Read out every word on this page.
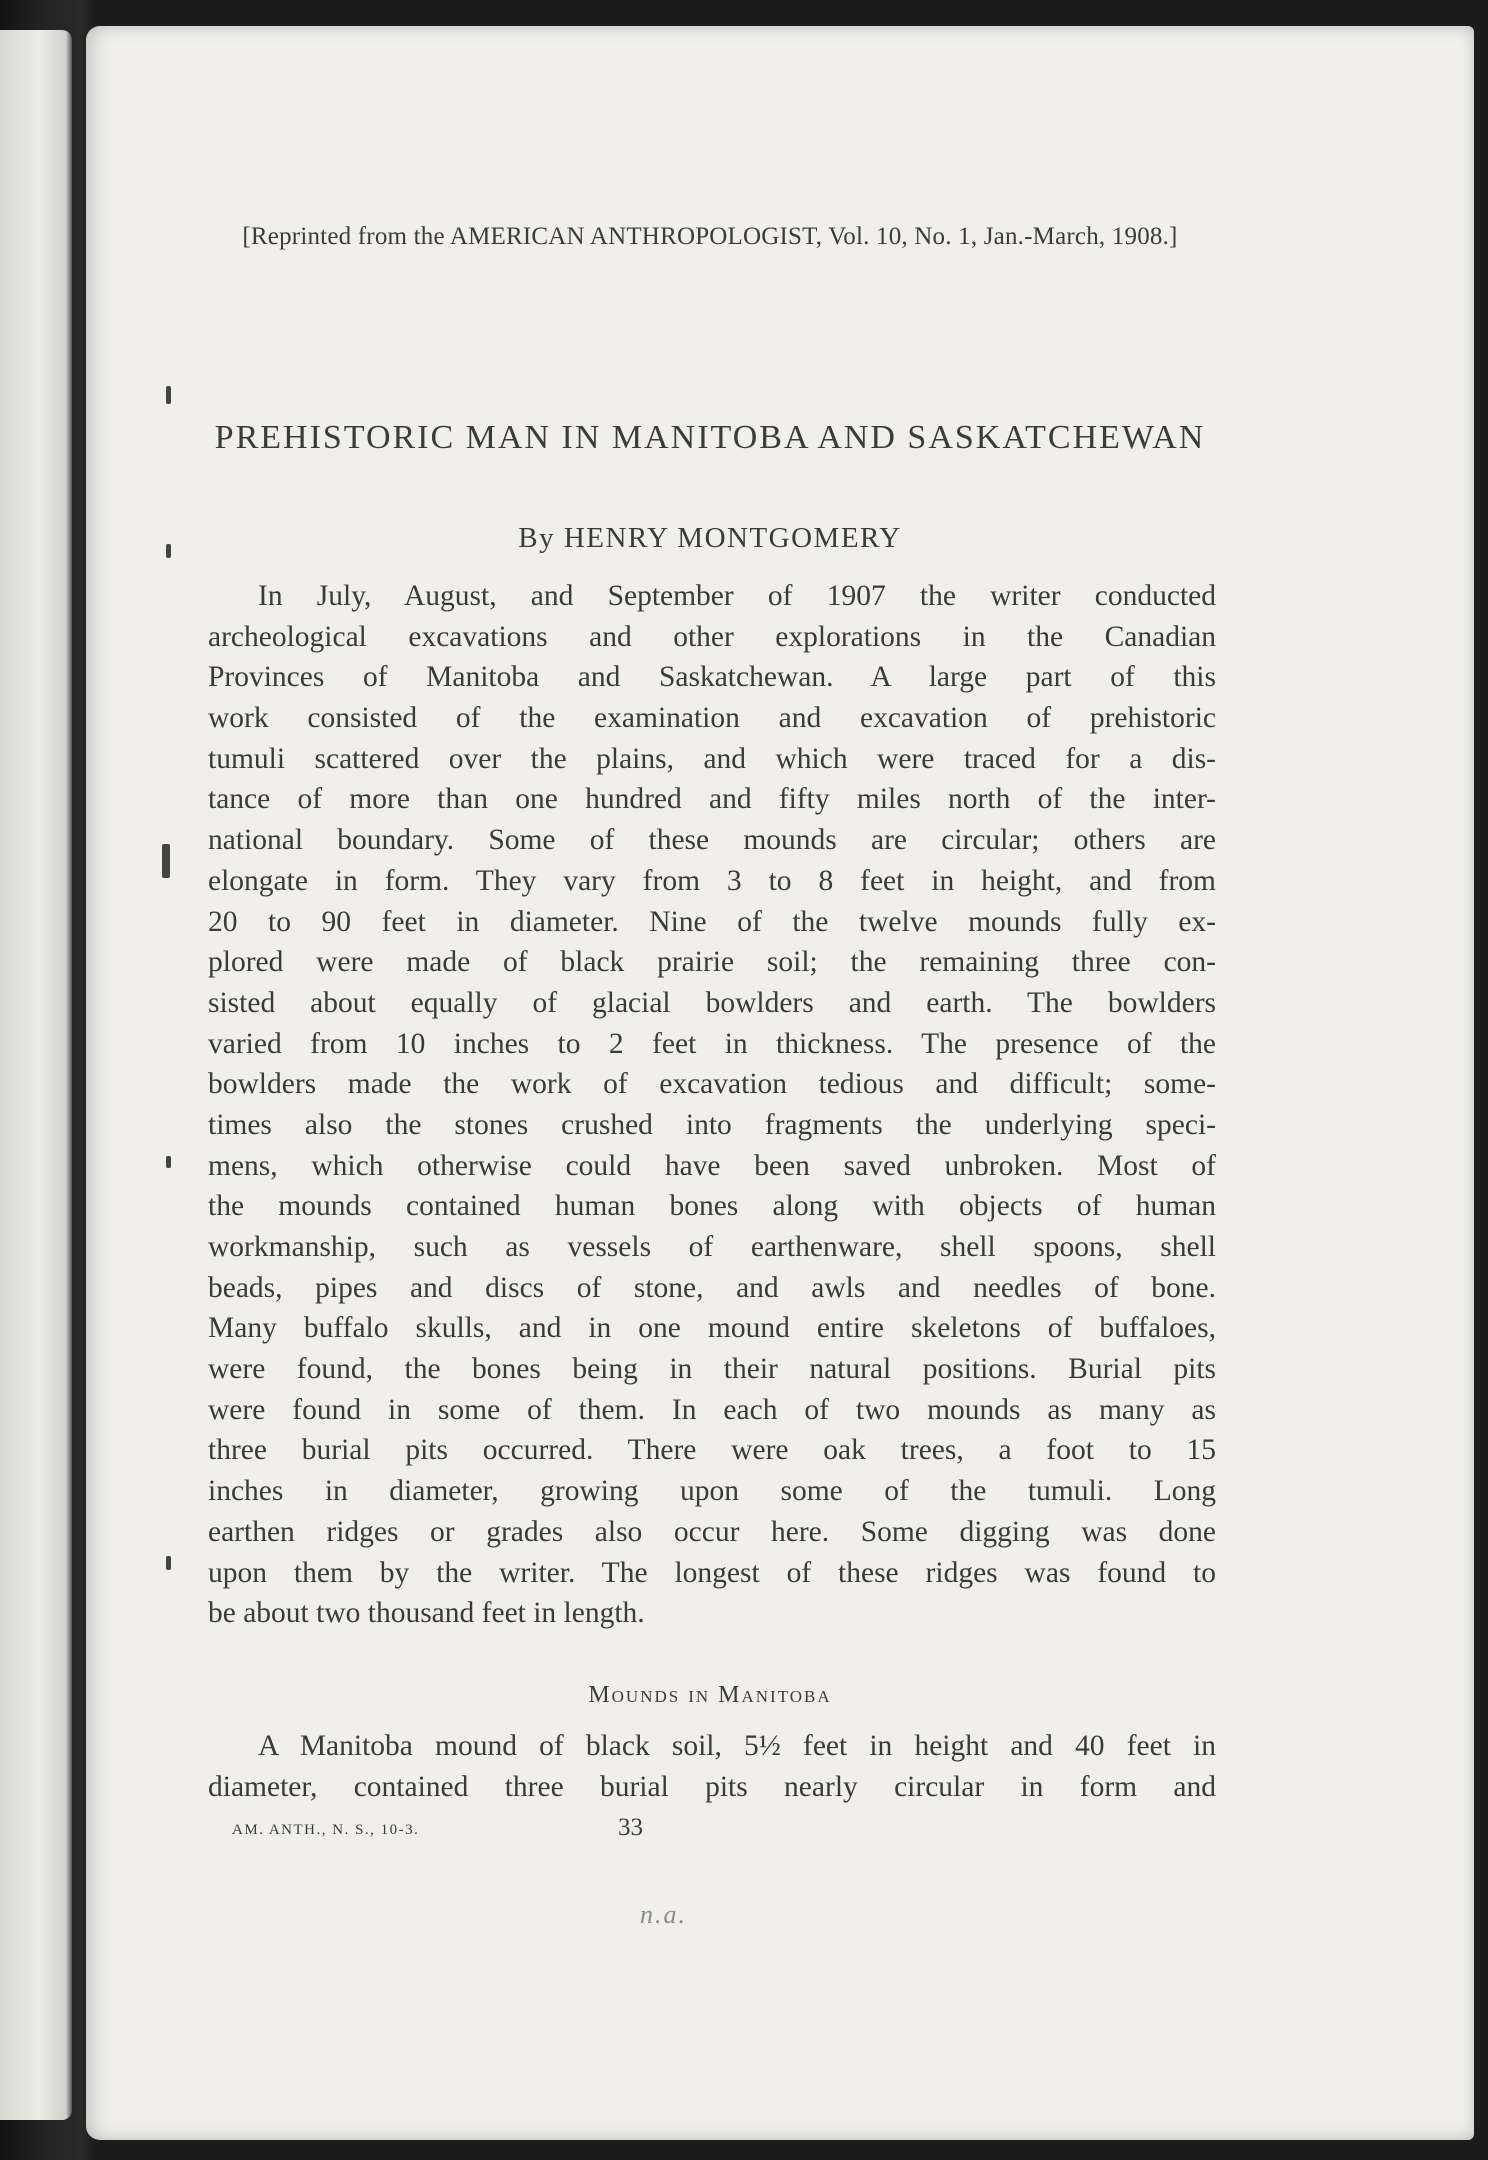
[Reprinted from the AMERICAN ANTHROPOLOGIST, Vol. 10, No. 1, Jan.-March, 1908.]
PREHISTORIC MAN IN MANITOBA AND SASKATCHEWAN
By HENRY MONTGOMERY
In July, August, and September of 1907 the writer conducted
archeological excavations and other explorations in the Canadian
Provinces of Manitoba and Saskatchewan. A large part of this
work consisted of the examination and excavation of prehistoric
tumuli scattered over the plains, and which were traced for a dis-
tance of more than one hundred and fifty miles north of the inter-
national boundary. Some of these mounds are circular; others are
elongate in form. They vary from 3 to 8 feet in height, and from
20 to 90 feet in diameter. Nine of the twelve mounds fully ex-
plored were made of black prairie soil; the remaining three con-
sisted about equally of glacial bowlders and earth. The bowlders
varied from 10 inches to 2 feet in thickness. The presence of the
bowlders made the work of excavation tedious and difficult; some-
times also the stones crushed into fragments the underlying speci-
mens, which otherwise could have been saved unbroken. Most of
the mounds contained human bones along with objects of human
workmanship, such as vessels of earthenware, shell spoons, shell
beads, pipes and discs of stone, and awls and needles of bone.
Many buffalo skulls, and in one mound entire skeletons of buffaloes,
were found, the bones being in their natural positions. Burial pits
were found in some of them. In each of two mounds as many as
three burial pits occurred. There were oak trees, a foot to 15
inches in diameter, growing upon some of the tumuli. Long
earthen ridges or grades also occur here. Some digging was done
upon them by the writer. The longest of these ridges was found to
be about two thousand feet in length.
Mounds in Manitoba
A Manitoba mound of black soil, 5½ feet in height and 40 feet in
diameter, contained three burial pits nearly circular in form and
AM. ANTH., N. S., 10-3.	33
n.a.
